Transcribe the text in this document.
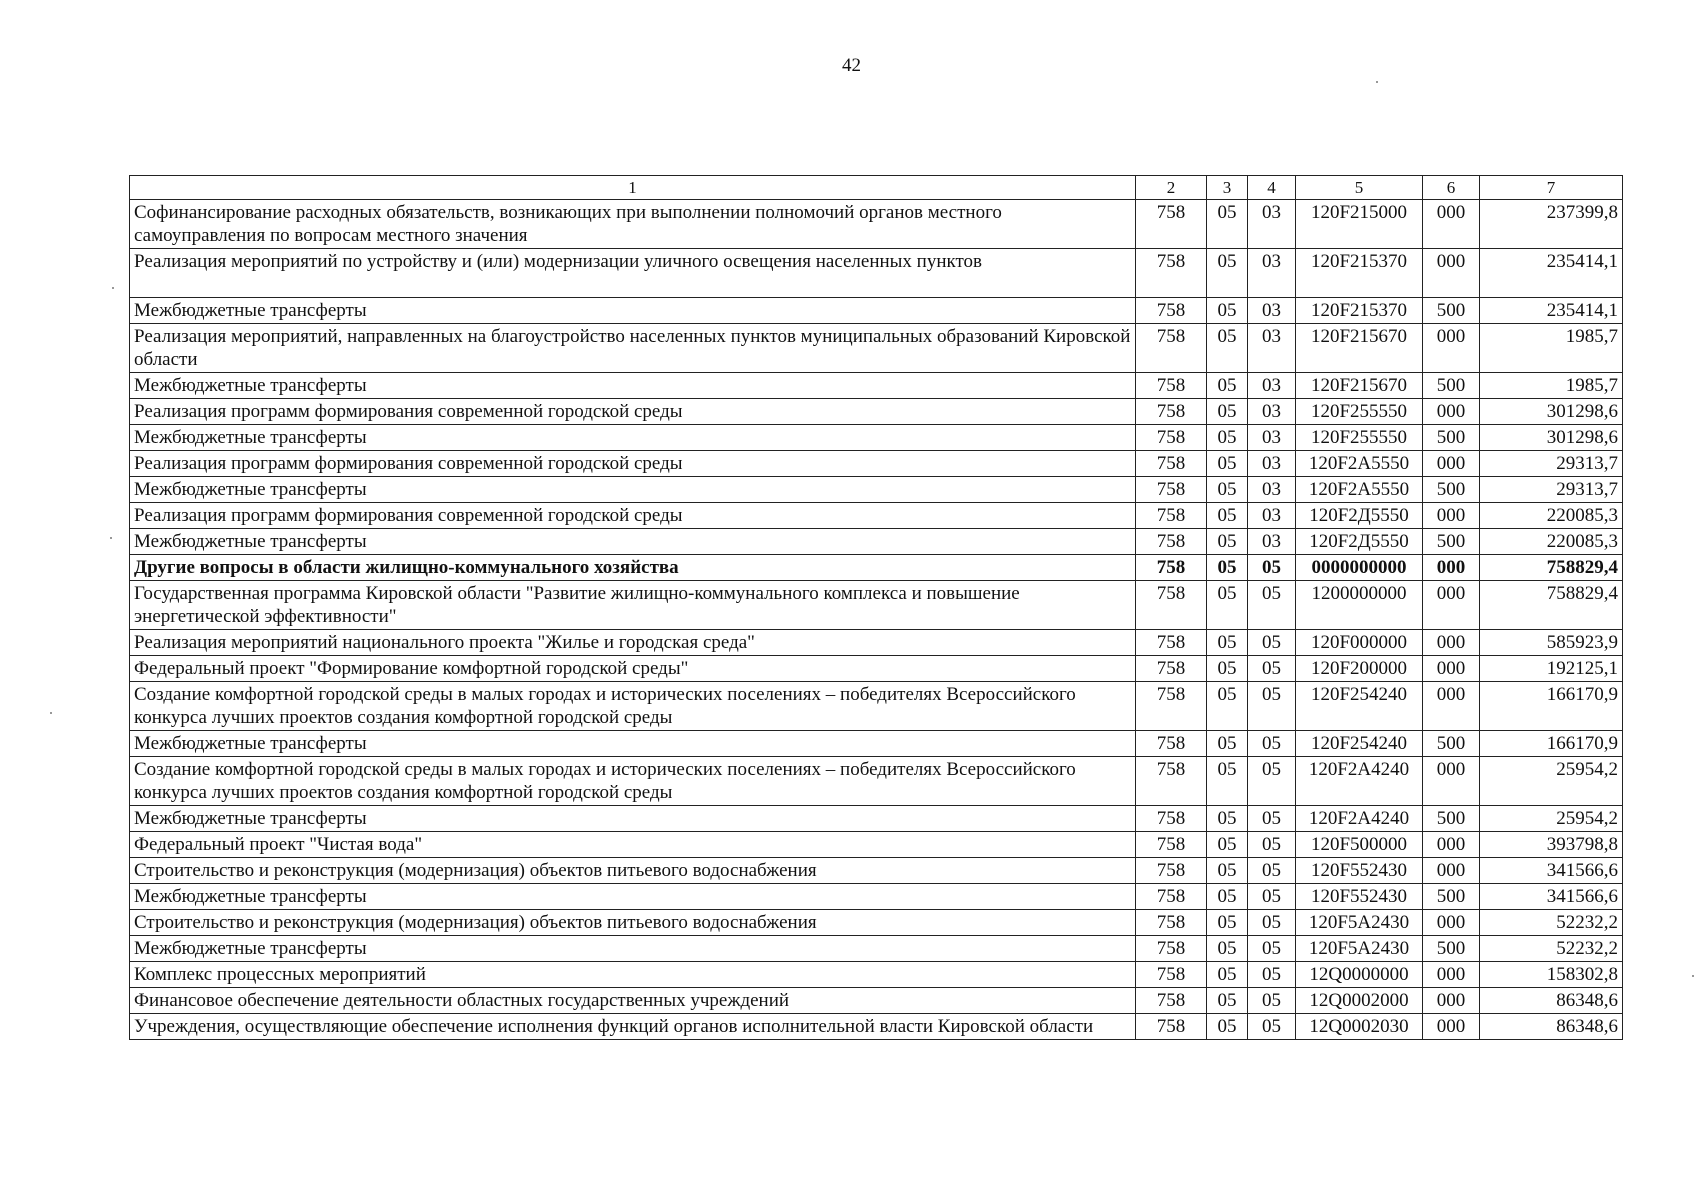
42
1	2	3	4	5	6	7
Софинансирование расходных обязательств, возникающих при выполнении полномочий органов местного самоуправления по вопросам местного значения	758	05	03	120F215000	000	237399,8
Реализация мероприятий по устройству и (или) модернизации уличного освещения населенных пунктов	758	05	03	120F215370	000	235414,1
Межбюджетные трансферты	758	05	03	120F215370	500	235414,1
Реализация мероприятий, направленных на благоустройство населенных пунктов муниципальных образований Кировской области	758	05	03	120F215670	000	1985,7
Межбюджетные трансферты	758	05	03	120F215670	500	1985,7
Реализация программ формирования современной городской среды	758	05	03	120F255550	000	301298,6
Межбюджетные трансферты	758	05	03	120F255550	500	301298,6
Реализация программ формирования современной городской среды	758	05	03	120F2A5550	000	29313,7
Межбюджетные трансферты	758	05	03	120F2A5550	500	29313,7
Реализация программ формирования современной городской среды	758	05	03	120F2Д5550	000	220085,3
Межбюджетные трансферты	758	05	03	120F2Д5550	500	220085,3
Другие вопросы в области жилищно-коммунального хозяйства	758	05	05	0000000000	000	758829,4
Государственная программа Кировской области "Развитие жилищно-коммунального комплекса и повышение энергетической эффективности"	758	05	05	1200000000	000	758829,4
Реализация мероприятий национального проекта "Жилье и городская среда"	758	05	05	120F000000	000	585923,9
Федеральный проект "Формирование комфортной городской среды"	758	05	05	120F200000	000	192125,1
Создание комфортной городской среды в малых городах и исторических поселениях – победителях Всероссийского конкурса лучших проектов создания комфортной городской среды	758	05	05	120F254240	000	166170,9
Межбюджетные трансферты	758	05	05	120F254240	500	166170,9
Создание комфортной городской среды в малых городах и исторических поселениях – победителях Всероссийского конкурса лучших проектов создания комфортной городской среды	758	05	05	120F2A4240	000	25954,2
Межбюджетные трансферты	758	05	05	120F2A4240	500	25954,2
Федеральный проект "Чистая вода"	758	05	05	120F500000	000	393798,8
Строительство и реконструкция (модернизация) объектов питьевого водоснабжения	758	05	05	120F552430	000	341566,6
Межбюджетные трансферты	758	05	05	120F552430	500	341566,6
Строительство и реконструкция (модернизация) объектов питьевого водоснабжения	758	05	05	120F5A2430	000	52232,2
Межбюджетные трансферты	758	05	05	120F5A2430	500	52232,2
Комплекс процессных мероприятий	758	05	05	12Q0000000	000	158302,8
Финансовое обеспечение деятельности областных государственных учреждений	758	05	05	12Q0002000	000	86348,6
Учреждения, осуществляющие обеспечение исполнения функций органов исполнительной власти Кировской области	758	05	05	12Q0002030	000	86348,6
